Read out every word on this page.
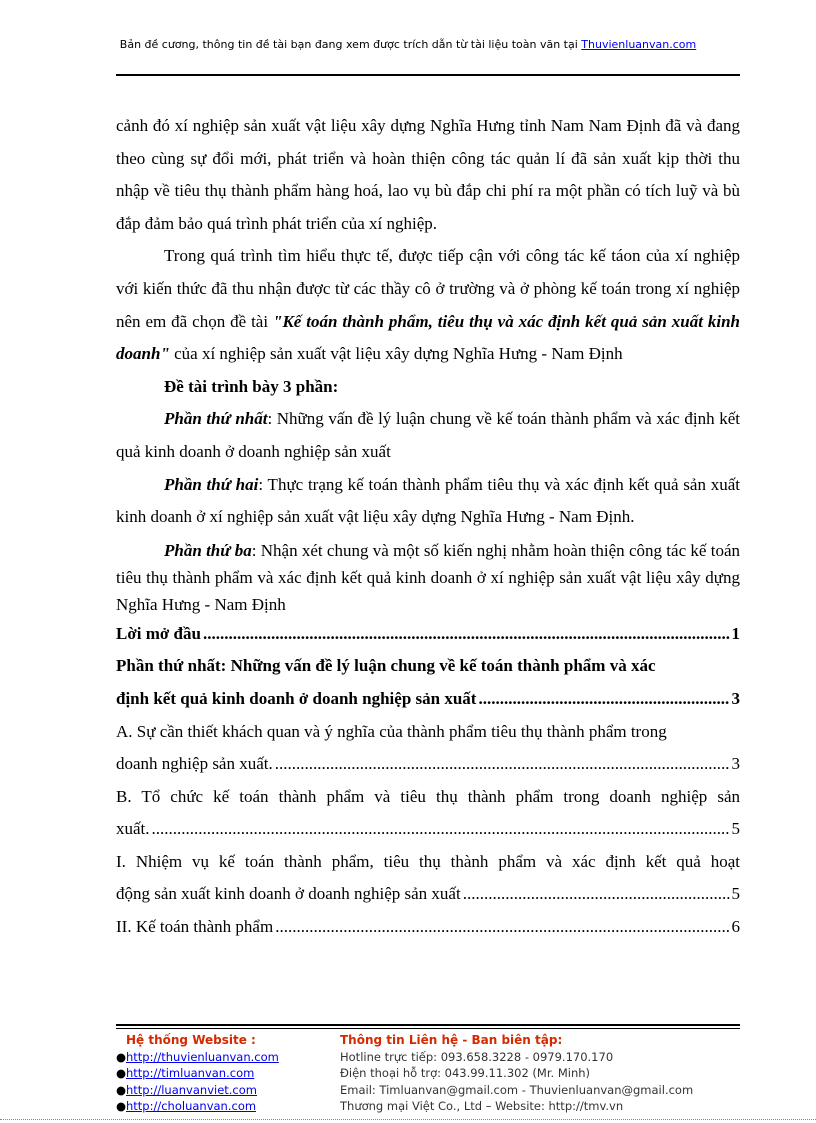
Bản đề cương, thông tin đề tài bạn đang xem được trích dẫn từ tài liệu toàn văn tại Thuvienluanvan.com

cảnh đó xí nghiệp sản xuất vật liệu xây dựng Nghĩa Hưng tỉnh Nam Nam Định đã và đang theo cùng sự đổi mới, phát triển và hoàn thiện công tác quản lí đã sản xuất kịp thời thu nhập về tiêu thụ thành phẩm hàng hoá, lao vụ bù đắp chi phí ra một phần có tích luỹ và bù đắp đảm bảo quá trình phát triển của xí nghiệp.

Trong quá trình tìm hiểu thực tế, được tiếp cận với công tác kế táon của xí nghiệp với kiến thức đã thu nhận được từ các thầy cô ở trường và ở phòng kế toán trong xí nghiệp nên em đã chọn đề tài "Kế toán thành phẩm, tiêu thụ và xác định kết quả sản xuất kinh doanh" của xí nghiệp sản xuất vật liệu xây dựng Nghĩa Hưng - Nam Định

Đề tài trình bày 3 phần:

Phần thứ nhất: Những vấn đề lý luận chung về kế toán thành phẩm và xác định kết quả kinh doanh ở doanh nghiệp sản xuất

Phần thứ hai: Thực trạng kế toán thành phẩm tiêu thụ và xác định kết quả sản xuất kinh doanh ở xí nghiệp sản xuất vật liệu xây dựng Nghĩa Hưng - Nam Định.

Phần thứ ba: Nhận xét chung và một số kiến nghị nhằm hoàn thiện công tác kế toán tiêu thụ thành phẩm và xác định kết quả kinh doanh ở xí nghiệp sản xuất vật liệu xây dựng Nghĩa Hưng - Nam Định

Lời mở đầu .....	1
Phần thứ nhất: Những vấn đề lý luận chung về kế toán thành phẩm và xác
định kết quả kinh doanh ở doanh nghiệp sản xuất .....	3
A. Sự cần thiết khách quan và ý nghĩa của thành phẩm tiêu thụ thành phẩm trong
doanh nghiệp sản xuất. .....	3
B. Tổ chức kế toán thành phẩm và tiêu thụ thành phẩm trong doanh nghiệp sản
xuất. .....	5
I. Nhiệm vụ kế toán thành phẩm, tiêu thụ thành phẩm và xác định kết quả hoạt
động sản xuất kinh doanh ở doanh nghiệp sản xuất .....	5
II. Kế toán thành phẩm .....	6
Hệ thống Website :
●http://thuvienluanvan.com
●http://timluanvan.com
●http://luanvanviet.com
●http://choluanvan.com
Thông tin Liên hệ - Ban biên tập:
Hotline trực tiếp: 093.658.3228 - 0979.170.170
Điện thoại hỗ trợ: 043.99.11.302 (Mr. Minh)
Email: Timluanvan@gmail.com - Thuvienluanvan@gmail.com
Thương mại Việt Co., Ltd – Website: http://tmv.vn
